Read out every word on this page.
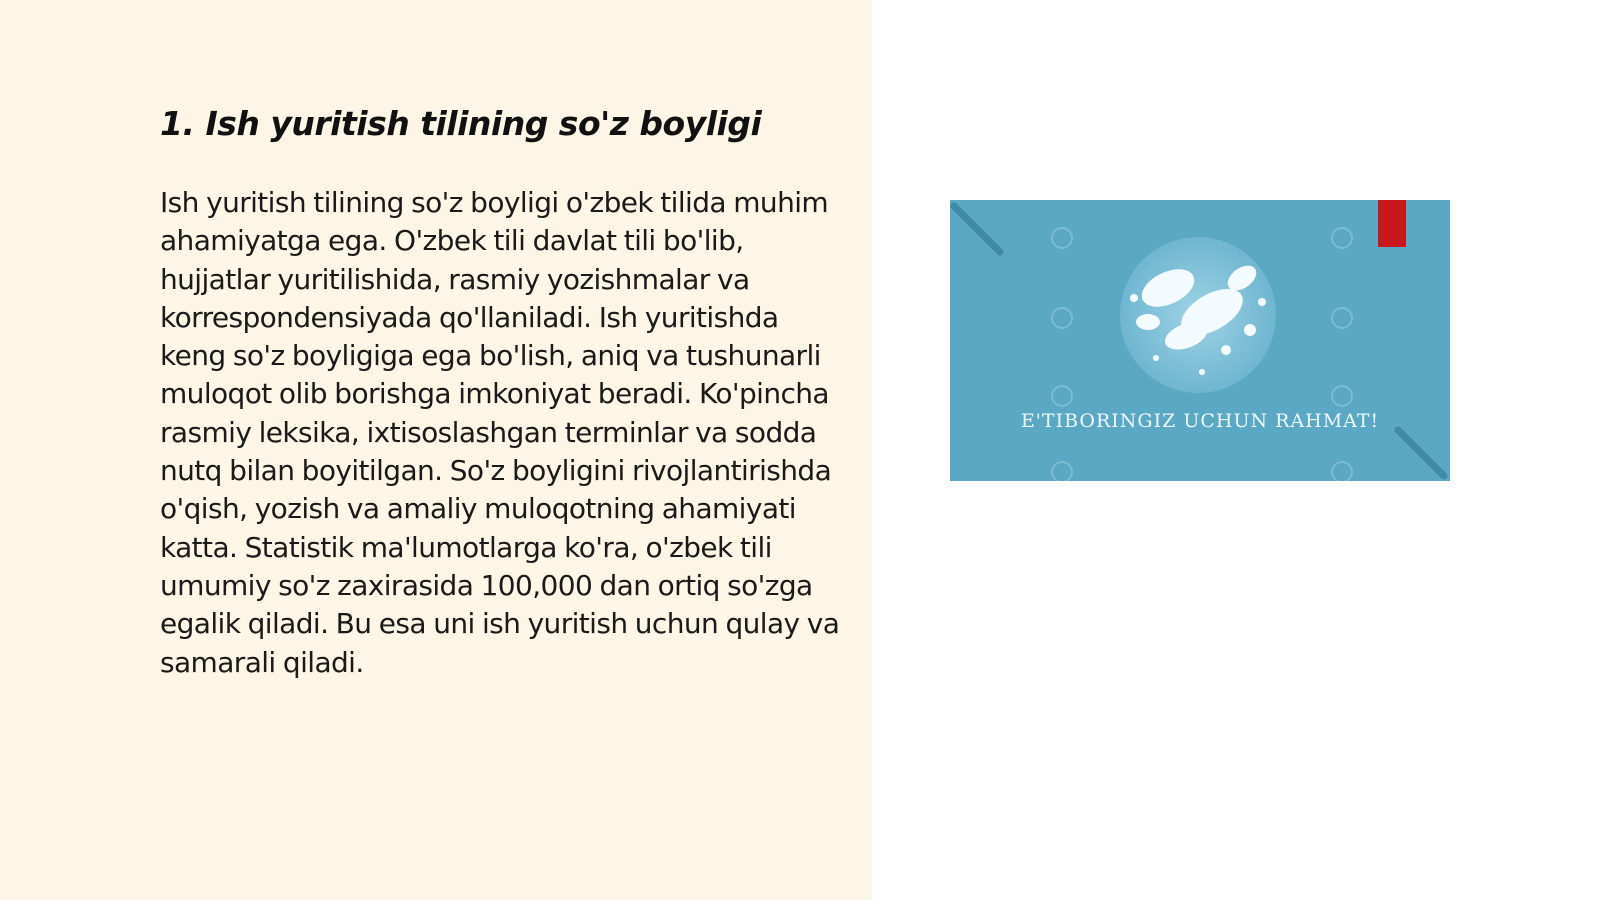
1. Ish yuritish tilining so'z boyligi

Ish yuritish tilining so'z boyligi o'zbek tilida muhim ahamiyatga ega. O'zbek tili davlat tili bo'lib, hujjatlar yuritilishida, rasmiy yozishmalar va korrespondensiyada qo'llaniladi. Ish yuritishda keng so'z boyligiga ega bo'lish, aniq va tushunarli muloqot olib borishga imkoniyat beradi. Ko'pincha rasmiy leksika, ixtisoslashgan terminlar va sodda nutq bilan boyitilgan. So'z boyligini rivojlantirishda o'qish, yozish va amaliy muloqotning ahamiyati katta. Statistik ma'lumotlarga ko'ra, o'zbek tili umumiy so'z zaxirasida 100,000 dan ortiq so'zga egalik qiladi. Bu esa uni ish yuritish uchun qulay va samarali qiladi.

E'TIBORINGIZ UCHUN RAHMAT!
